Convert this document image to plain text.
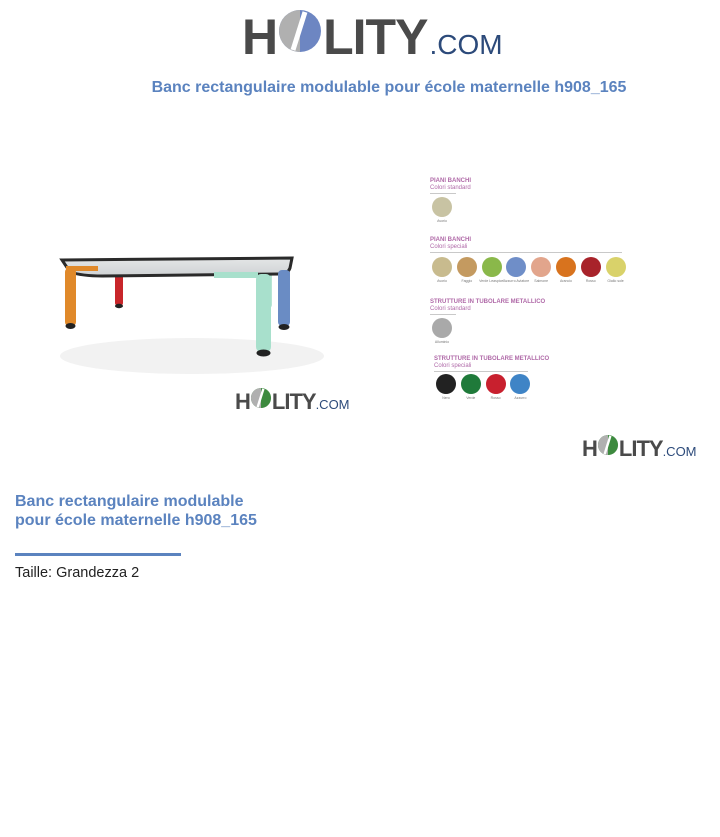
H LITY .COM
Banc rectangulaire modulable pour école maternelle h908_165
H LITY .COM
PIANI BANCHI
Colori standard
Avorio
PIANI BANCHI
Colori speciali
Avorio	Faggio Verde Leaspicel Azzurro Aviatore Salmone	Arancio	Rosso	Giallo sole
STRUTTURE IN TUBOLARE METALLICO
Colori standard
Alluminio
STRUTTURE IN TUBOLARE METALLICO
Colori speciali
Nero	Verde	Rosso	Azzurro
H LITY .COM
Banc rectangulaire modulable pour école maternelle h908_165
Taille: Grandezza 2
